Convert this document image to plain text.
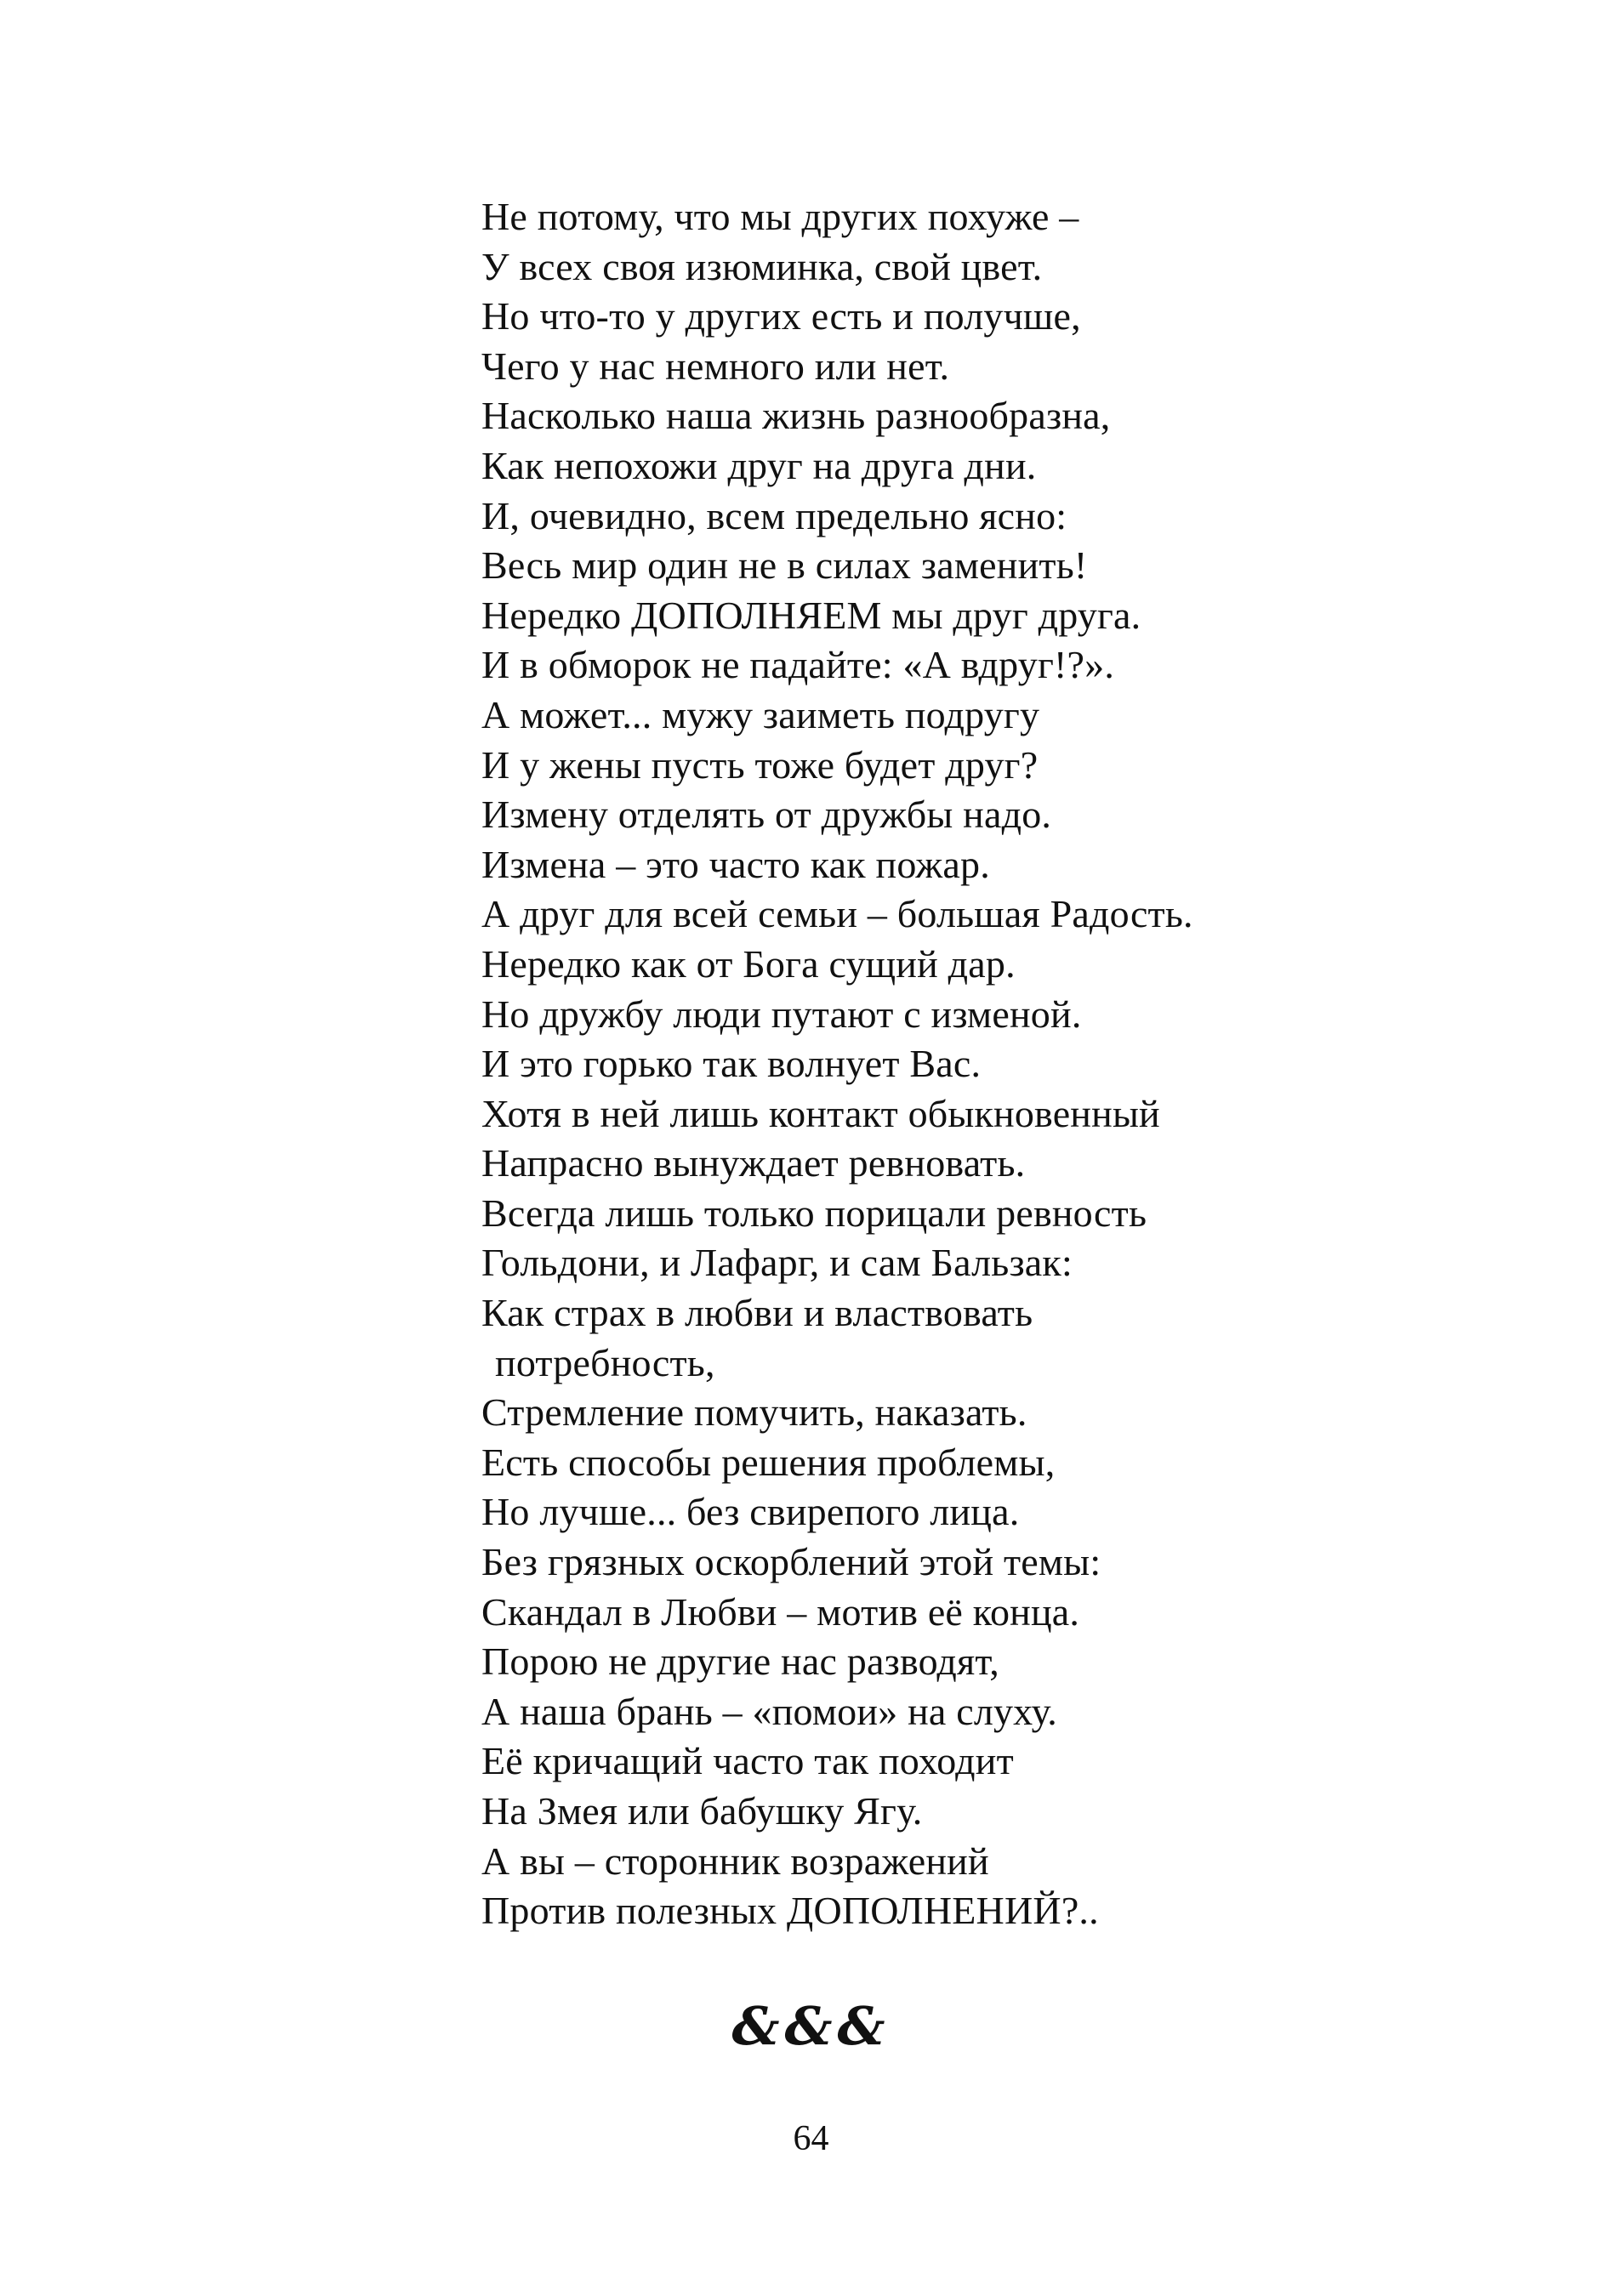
Не потому, что мы других похуже –
У всех своя изюминка, свой цвет.
Но что-то у других есть и получше,
Чего у нас немного или нет.
Насколько наша жизнь разнообразна,
Как непохожи друг на друга дни.
И, очевидно, всем предельно ясно:
Весь мир один не в силах заменить!
Нередко ДОПОЛНЯЕМ мы друг друга.
И в обморок не падайте: «А вдруг!?».
А может... мужу заиметь подругу
И у жены пусть тоже будет друг?
Измену отделять от дружбы надо.
Измена – это часто как пожар.
А друг для всей семьи – большая Радость.
Нередко как от Бога сущий дар.
Но дружбу люди путают с изменой.
И это горько так волнует Вас.
Хотя в ней лишь контакт обыкновенный
Напрасно вынуждает ревновать.
Всегда лишь только порицали ревность
Гольдони, и Лафарг, и сам Бальзак:
Как страх в любви и властвовать
потребность,
Стремление помучить, наказать.
Есть способы решения проблемы,
Но лучше... без свирепого лица.
Без грязных оскорблений этой темы:
Скандал в Любви – мотив её конца.
Порою не другие нас разводят,
А наша брань – «помои» на слуху.
Её кричащий часто так походит
На Змея или бабушку Ягу.
А вы – сторонник возражений
Против полезных ДОПОЛНЕНИЙ?..
&&&
64
